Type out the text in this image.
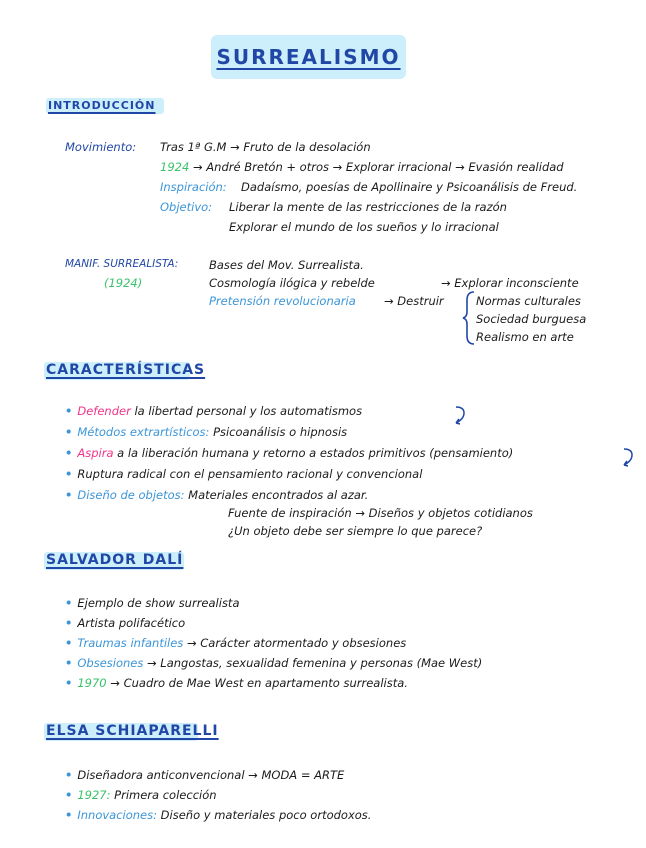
SURREALISMO
INTRODUCCIÓN
Movimiento: Tras 1ª G.M → Fruto de la desolación
1924 → André Bretón + otros → Explorar irracional → Evasión realidad
Inspiración: Dadaísmo, poesías de Apollinaire y Psicoanálisis de Freud.
Objetivo: Liberar la mente de las restricciones de la razón
Explorar el mundo de los sueños y lo irracional
MANIF. SURREALISTA:
(1924)
Bases del Mov. Surrealista.
Cosmología ilógica y rebelde	→ Explorar inconsciente
Pretensión revolucionaria → Destruir	Normas culturales
Sociedad burguesa
Realismo en arte
CARACTERÍSTICAS
• Defender la libertad personal y los automatismos
• Métodos extrartísticos: Psicoanálisis o hipnosis
• Aspira a la liberación humana y retorno a estados primitivos (pensamiento)
• Ruptura radical con el pensamiento racional y convencional
• Diseño de objetos: Materiales encontrados al azar.
Fuente de inspiración → Diseños y objetos cotidianos
¿Un objeto debe ser siempre lo que parece?
SALVADOR DALÍ
• Ejemplo de show surrealista
• Artista polifacético
• Traumas infantiles → Carácter atormentado y obsesiones
• Obsesiones → Langostas, sexualidad femenina y personas (Mae West)
• 1970 → Cuadro de Mae West en apartamento surrealista.
ELSA SCHIAPARELLI
• Diseñadora anticonvencional → MODA = ARTE
• 1927: Primera colección
• Innovaciones: Diseño y materiales poco ortodoxos.
